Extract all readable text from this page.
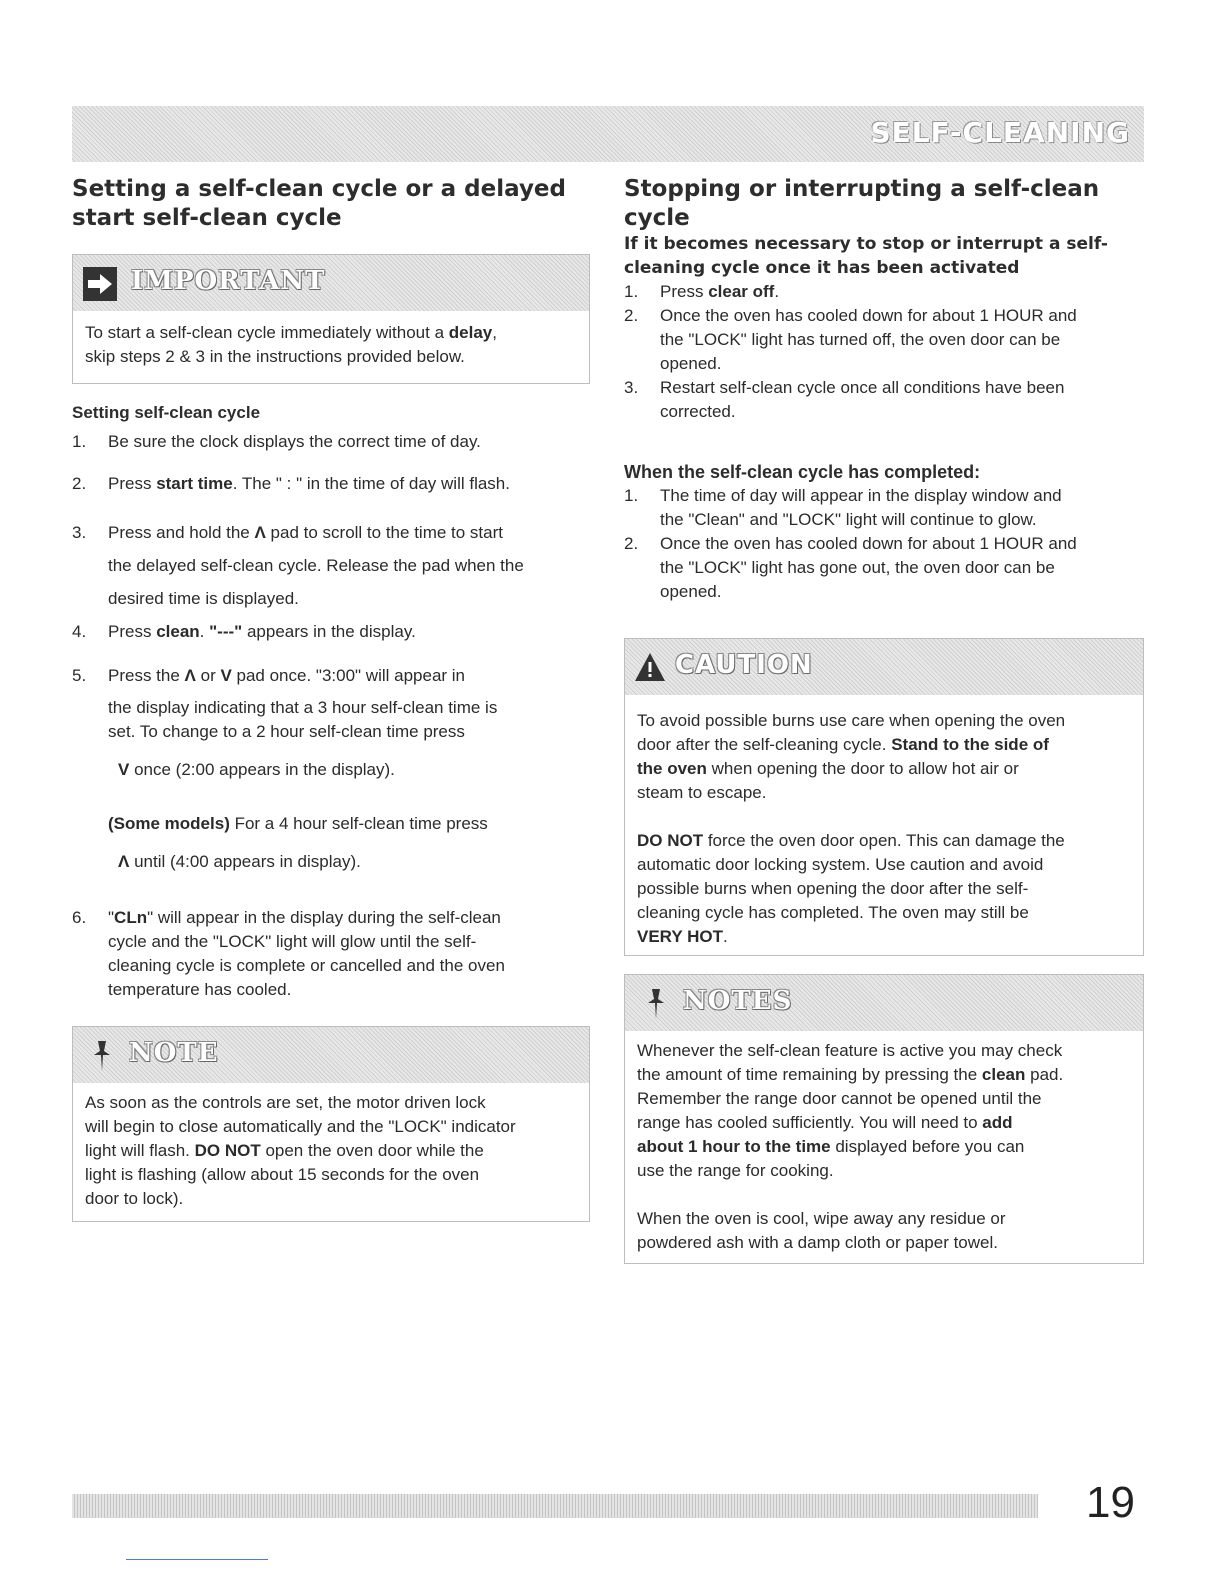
SELF-CLEANING
Setting a self-clean cycle or a delayed
start self-clean cycle
IMPORTANT

To start a self-clean cycle immediately without a delay,

skip steps 2 & 3 in the instructions provided below.

Setting self-clean cycle
1. Be sure the clock displays the correct time of day.

2. Press start time. The " : " in the time of day will flash.

3. Press and hold the Λ pad to scroll to the time to start

the delayed self-clean cycle. Release the pad when the

desired time is displayed.

4. Press clean. "---" appears in the display.

5. Press the Λ or V pad once. "3:00" will appear in

the display indicating that a 3 hour self-clean time is

set. To change to a 2 hour self-clean time press

V once (2:00 appears in the display).

(Some models) For a 4 hour self-clean time press

Λ until (4:00 appears in display).

6. "CLn" will appear in the display during the self-clean

cycle and the "LOCK" light will glow until the self-

cleaning cycle is complete or cancelled and the oven

temperature has cooled.

NOTE

As soon as the controls are set, the motor driven lock

will begin to close automatically and the "LOCK" indicator

light will flash. DO NOT open the oven door while the

light is flashing (allow about 15 seconds for the oven

door to lock).

Stopping or interrupting a self-clean cycle
If it becomes necessary to stop or interrupt a self-
cleaning cycle once it has been activated
1. Press clear off.

2. Once the oven has cooled down for about 1 HOUR and

the "LOCK" light has turned off, the oven door can be

opened.

3. Restart self-clean cycle once all conditions have been

corrected.

When the self-clean cycle has completed:
1. The time of day will appear in the display window and

the "Clean" and "LOCK" light will continue to glow.

2. Once the oven has cooled down for about 1 HOUR and

the "LOCK" light has gone out, the oven door can be

opened.

CAUTION

To avoid possible burns use care when opening the oven

door after the self-cleaning cycle. Stand to the side of

the oven when opening the door to allow hot air or

steam to escape.

DO NOT force the oven door open. This can damage the

automatic door locking system. Use caution and avoid

possible burns when opening the door after the self-

cleaning cycle has completed. The oven may still be

VERY HOT.

NOTES

Whenever the self-clean feature is active you may check

the amount of time remaining by pressing the clean pad.

Remember the range door cannot be opened until the

range has cooled sufficiently. You will need to add

about 1 hour to the time displayed before you can

use the range for cooking.

When the oven is cool, wipe away any residue or

powdered ash with a damp cloth or paper towel.

19
